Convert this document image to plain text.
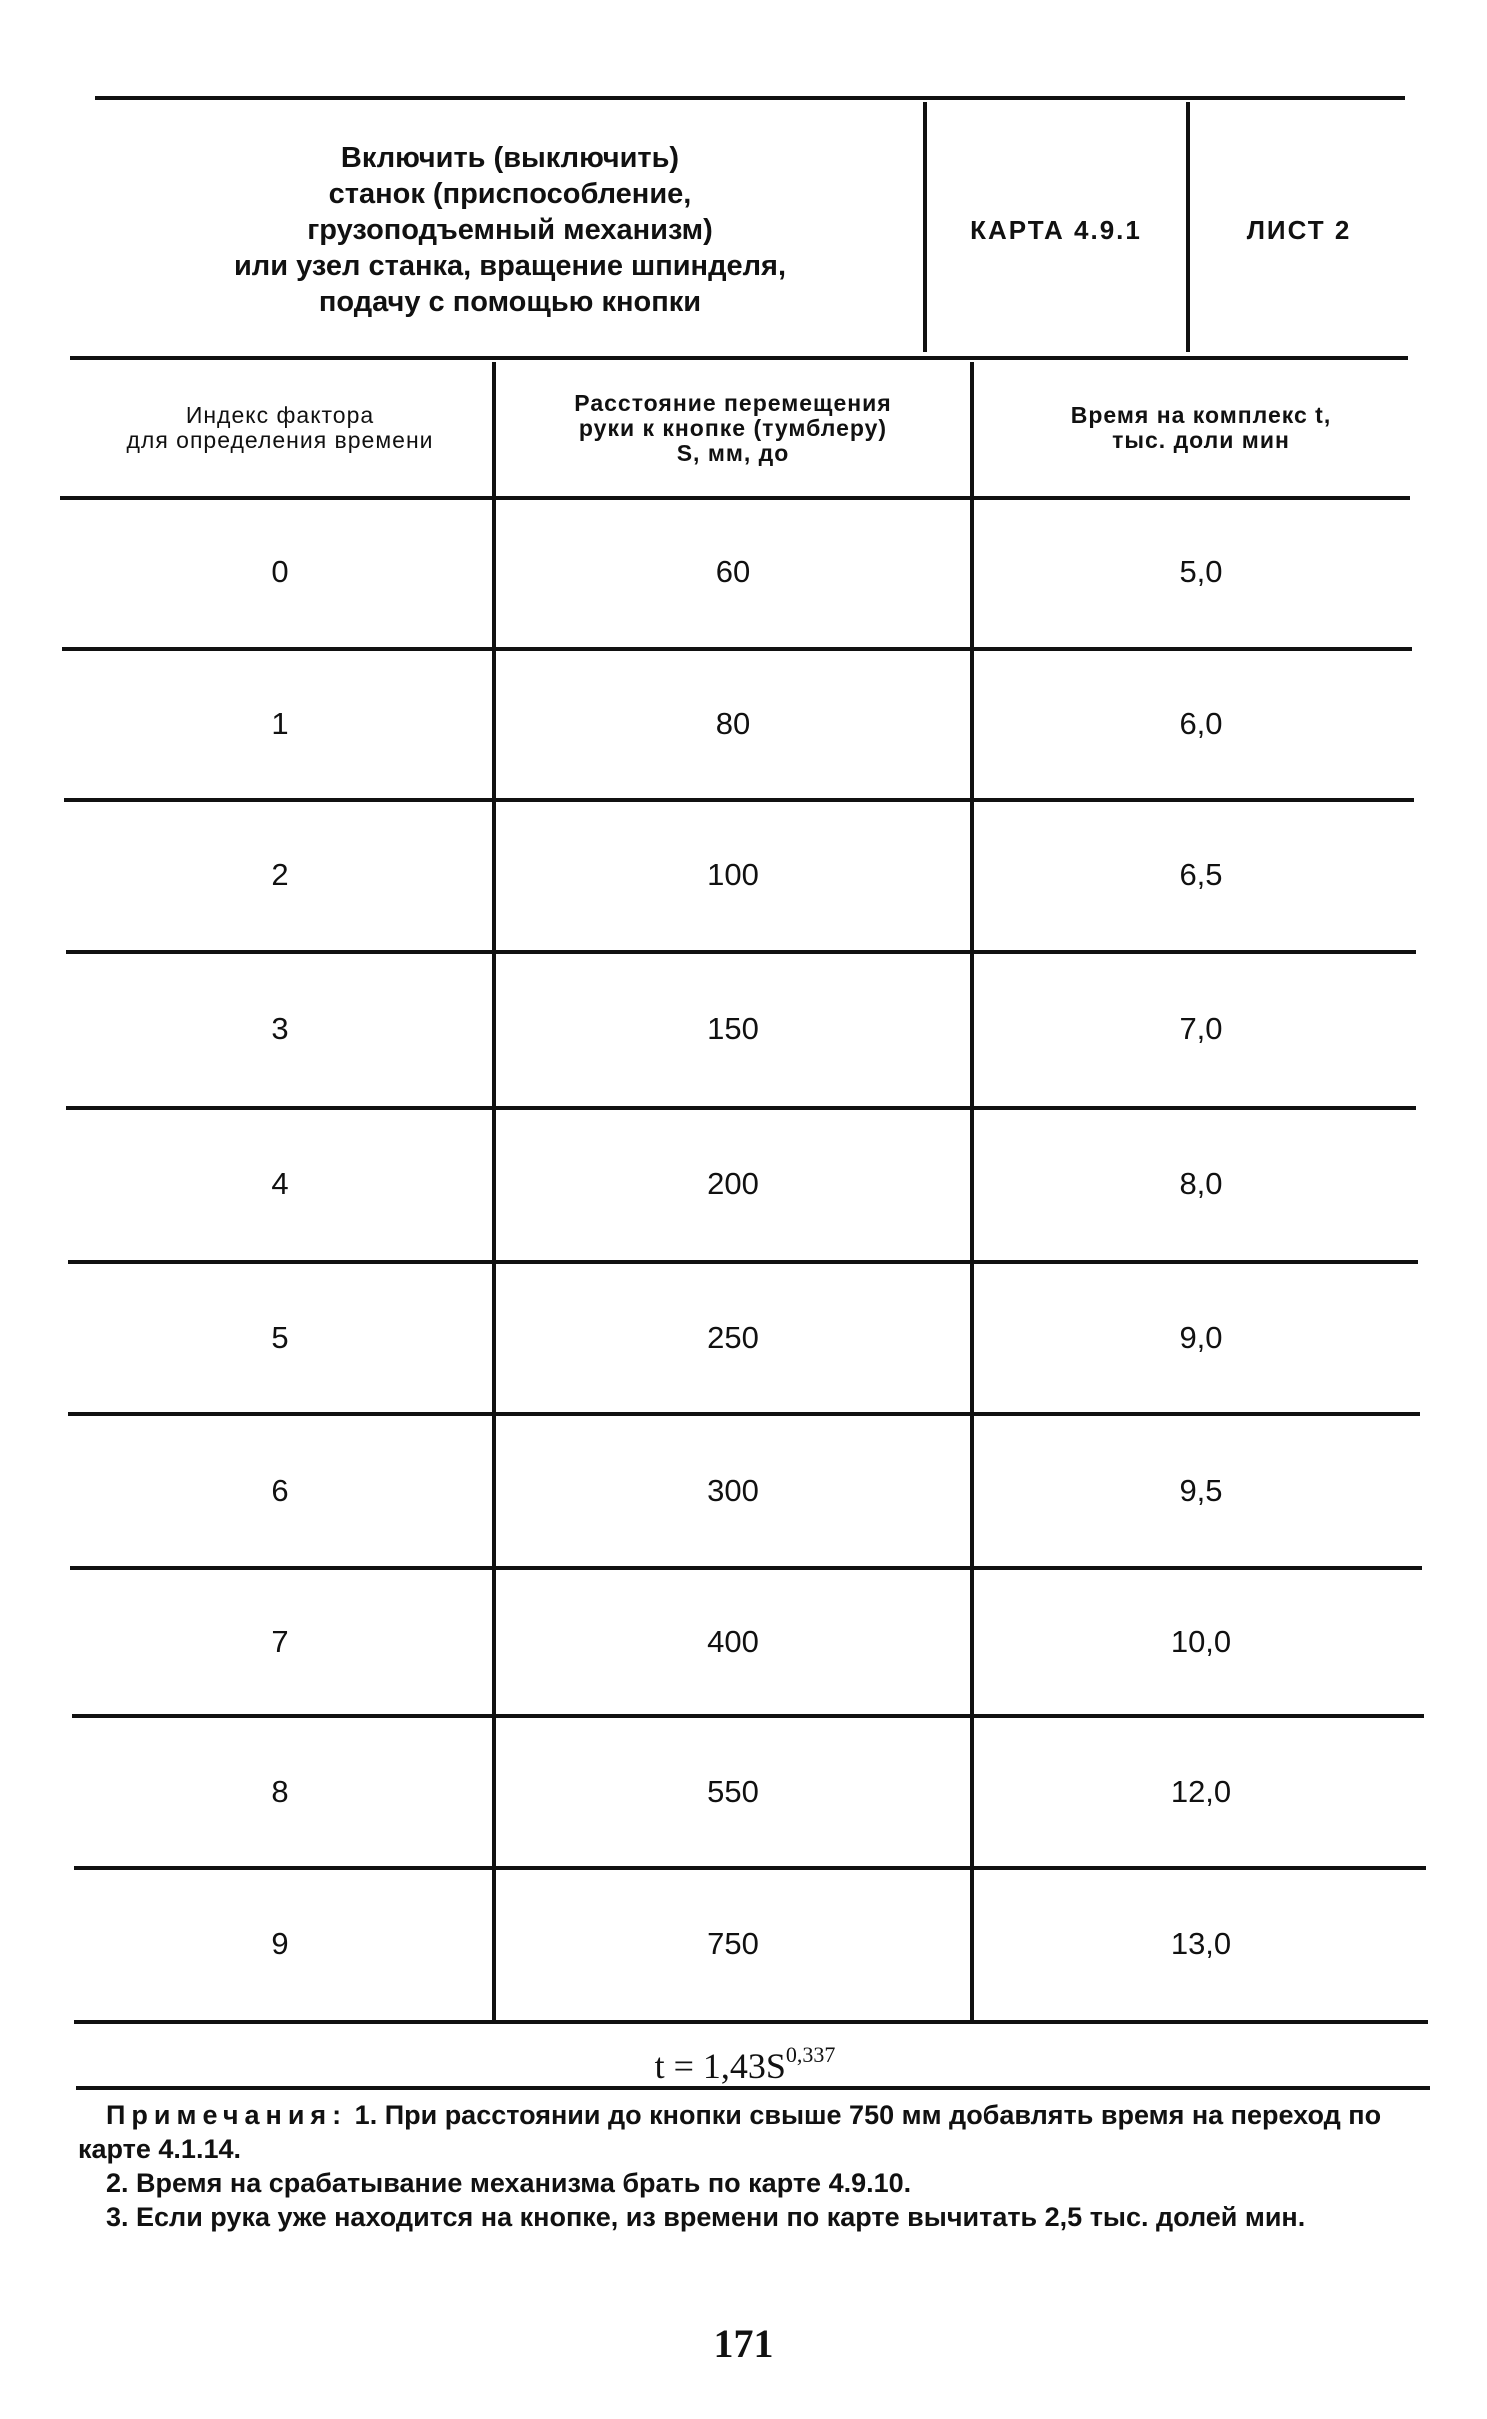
Включить (выключить)
станок (приспособление,
грузоподъемный механизм)
или узел станка, вращение шпинделя,
подачу с помощью кнопки
КАРТА 4.9.1	ЛИСТ 2
Индекс фактора
для определения времени
Расстояние перемещения
руки к кнопке (тумблеру)
S, мм, до
Время на комплекс t,
тыс. доли мин
0	60	5,0
1	80	6,0
2	100	6,5
3	150	7,0
4	200	8,0
5	250	9,0
6	300	9,5
7	400	10,0
8	550	12,0
9	750	13,0
$t = 1,43S^{0,337}$

Примечания: 1. При расстоянии до кнопки свыше 750 мм добавлять время на переход по карте 4.1.14.

2. Время на срабатывание механизма брать по карте 4.9.10.

3. Если рука уже находится на кнопке, из времени по карте вычитать 2,5 тыс. долей мин.

171
